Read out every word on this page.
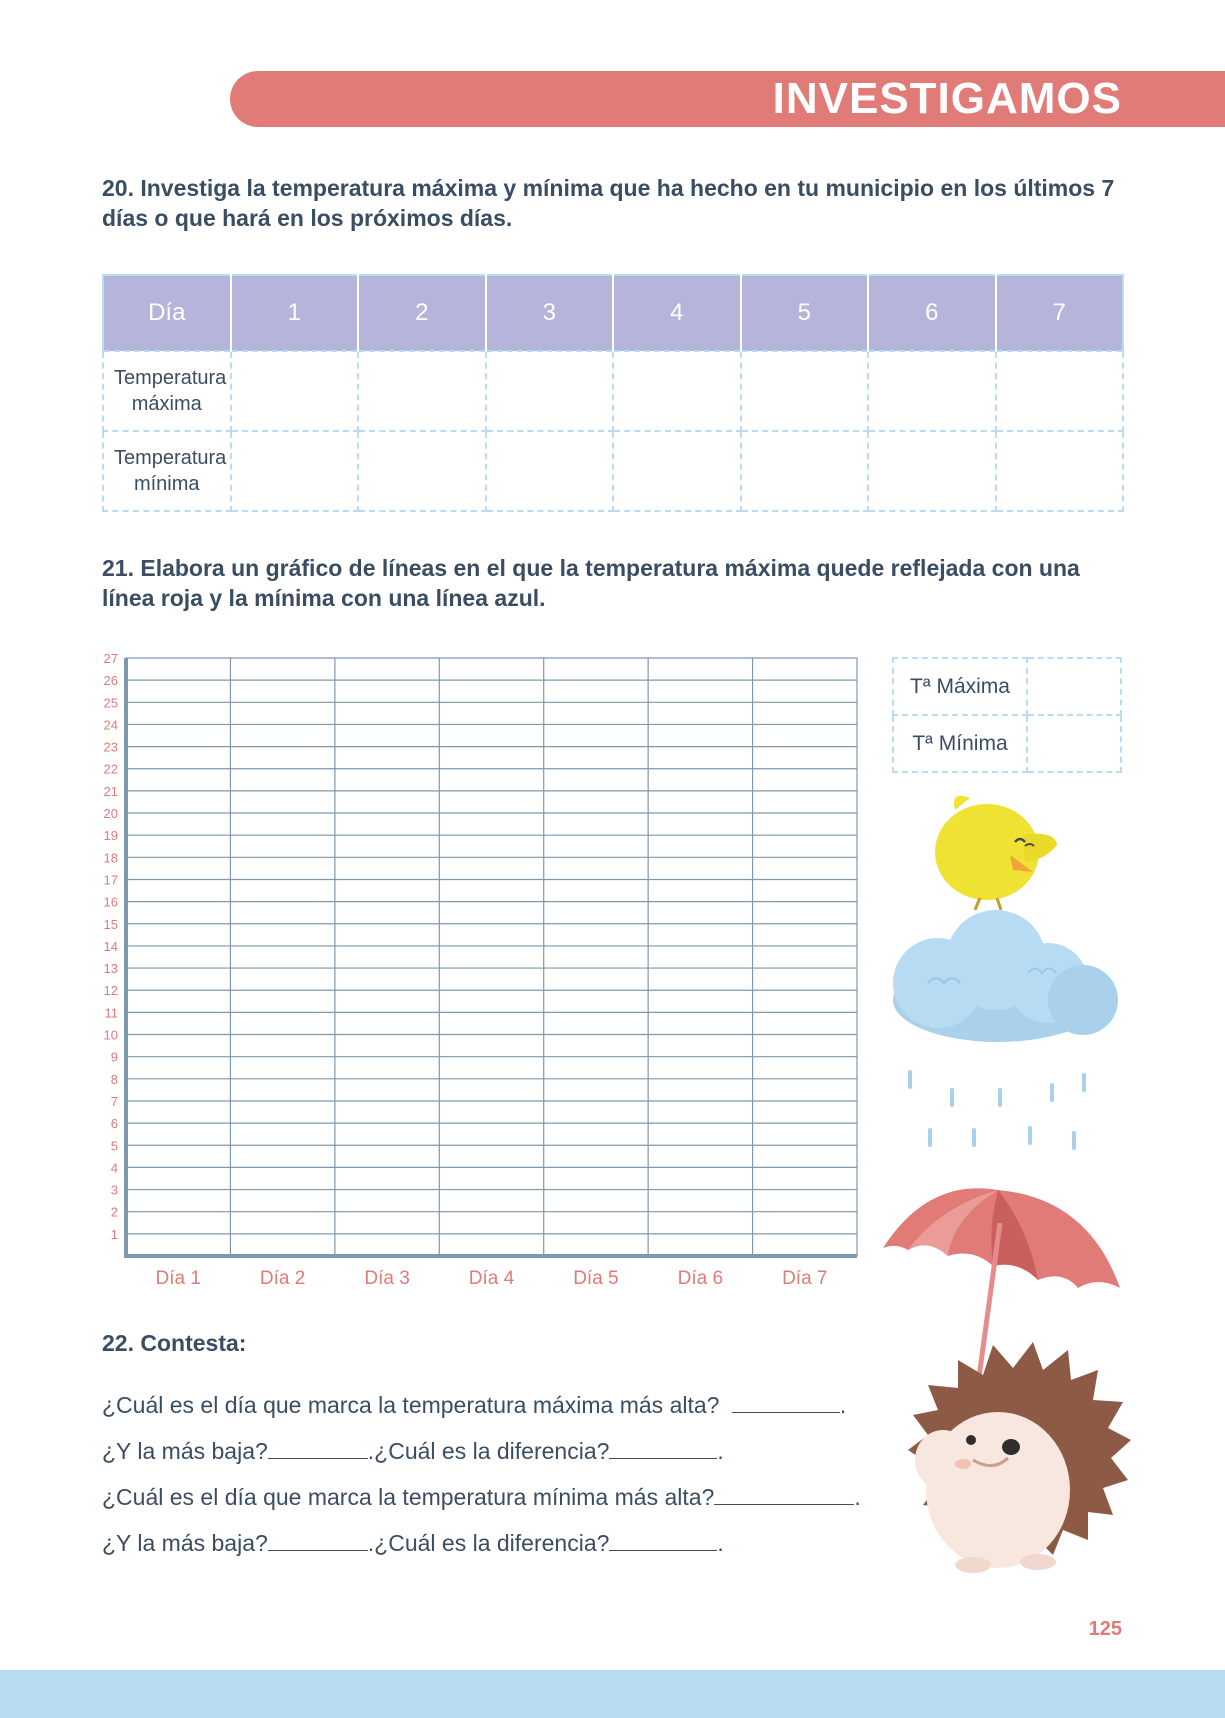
INVESTIGAMOS
20. Investiga la temperatura máxima y mínima que ha hecho en tu municipio en los últimos 7 días o que hará en los próximos días.
Día	1	2	3	4	5	6	7
Temperatura máxima							
Temperatura mínima							
21. Elabora un gráfico de líneas en el que la temperatura máxima quede reflejada con una línea roja y la mínima con una línea azul.
1
2
3
4
5
6
7
8
9
10
11
12
13
14
15
16
17
18
19
20
21
22
23
24
25
26
27
Día 1	Día 2	Día 3	Día 4	Día 5	Día 6	Día 7
Tª Máxima	
Tª Mínima	
22. Contesta:
¿Cuál es el día que marca la temperatura máxima más alta?	.
¿Y la más baja?	.¿Cuál es la diferencia?	.
¿Cuál es el día que marca la temperatura mínima más alta?	.
¿Y la más baja?	.¿Cuál es la diferencia?	.
125
